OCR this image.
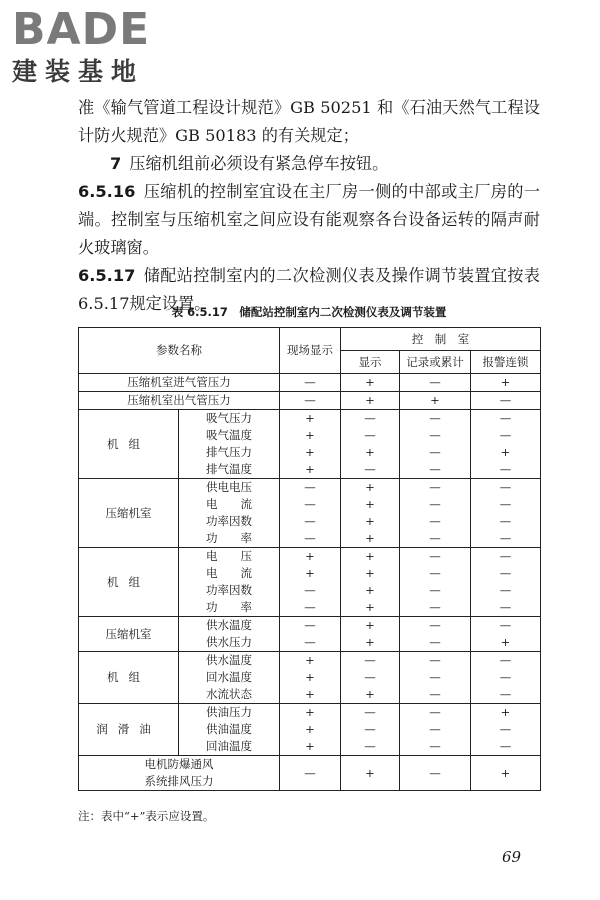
BADE
建装基地

准《输气管道工程设计规范》GB 50251 和《石油天然气工程设计防火规范》GB 50183 的有关规定；

7 压缩机组前必须设有紧急停车按钮。

6.5.16 压缩机的控制室宜设在主厂房一侧的中部或主厂房的一端。控制室与压缩机室之间应设有能观察各台设备运转的隔声耐火玻璃窗。

6.5.17 储配站控制室内的二次检测仪表及操作调节装置宜按表 6.5.17规定设置。

表 6.5.17　储配站控制室内二次检测仪表及调节装置
参数名称		现场显示	控　制　室		
			显示	记录或累计	报警连锁
压缩机室进气管压力		—	+	—	+
压缩机室出气管压力		—	+	+	—
机组	吸气压力	+	—	—	—
	吸气温度	+	—	—	—
	排气压力	+	+	—	+
	排气温度	+	—	—	—
压缩机室	供电电压	—	+	—	—
	电　　流	—	+	—	—
	功率因数	—	+	—	—
	功　　率	—	+	—	—
机组	电　　压	+	+	—	—
	电　　流	+	+	—	—
	功率因数	—	+	—	—
	功　　率	—	+	—	—
压缩机室	供水温度	—	+	—	—
	供水压力	—	+	—	+
机组	供水温度	+	—	—	—
	回水温度	+	—	—	—
	水流状态	+	+	—	—
润滑油	供油压力	+	—	—	+
	供油温度	+	—	—	—
	回油温度	+	—	—	—
电机防爆通风
系统排风压力		—	+	—	+
注：表中“+”表示应设置。
69
